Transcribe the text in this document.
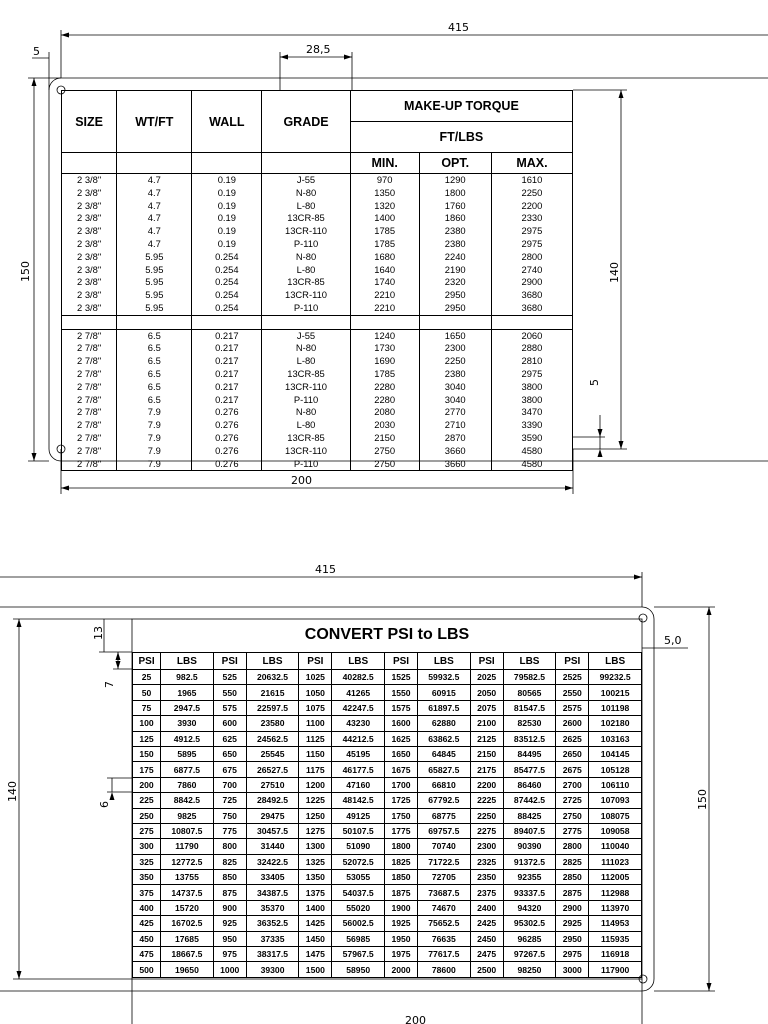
415
5	28,5
150	140
5
200
415
5,0
150
140
13
7
6
200
SIZE	WT/FT	WALL	GRADE	MAKE-UP TORQUE		
				FT/LBS		
				MIN.	OPT.	MAX.
2 3/8"	4.7	0.19	J-55	970	1290	1610
2 3/8"	4.7	0.19	N-80	1350	1800	2250
2 3/8"	4.7	0.19	L-80	1320	1760	2200
2 3/8"	4.7	0.19	13CR-85	1400	1860	2330
2 3/8"	4.7	0.19	13CR-110	1785	2380	2975
2 3/8"	4.7	0.19	P-110	1785	2380	2975
2 3/8"	5.95	0.254	N-80	1680	2240	2800
2 3/8"	5.95	0.254	L-80	1640	2190	2740
2 3/8"	5.95	0.254	13CR-85	1740	2320	2900
2 3/8"	5.95	0.254	13CR-110	2210	2950	3680
2 3/8"	5.95	0.254	P-110	2210	2950	3680

2 7/8"	6.5	0.217	J-55	1240	1650	2060
2 7/8"	6.5	0.217	N-80	1730	2300	2880
2 7/8"	6.5	0.217	L-80	1690	2250	2810
2 7/8"	6.5	0.217	13CR-85	1785	2380	2975
2 7/8"	6.5	0.217	13CR-110	2280	3040	3800
2 7/8"	6.5	0.217	P-110	2280	3040	3800
2 7/8"	7.9	0.276	N-80	2080	2770	3470
2 7/8"	7.9	0.276	L-80	2030	2710	3390
2 7/8"	7.9	0.276	13CR-85	2150	2870	3590
2 7/8"	7.9	0.276	13CR-110	2750	3660	4580
2 7/8"	7.9	0.276	P-110	2750	3660	4580
CONVERT PSI to LBS
PSI	LBS	PSI	LBS	PSI	LBS	PSI	LBS	PSI	LBS	PSI	LBS
25	982.5	525	20632.5	1025	40282.5	1525	59932.5	2025	79582.5	2525	99232.5
50	1965	550	21615	1050	41265	1550	60915	2050	80565	2550	100215
75	2947.5	575	22597.5	1075	42247.5	1575	61897.5	2075	81547.5	2575	101198
100	3930	600	23580	1100	43230	1600	62880	2100	82530	2600	102180
125	4912.5	625	24562.5	1125	44212.5	1625	63862.5	2125	83512.5	2625	103163
150	5895	650	25545	1150	45195	1650	64845	2150	84495	2650	104145
175	6877.5	675	26527.5	1175	46177.5	1675	65827.5	2175	85477.5	2675	105128
200	7860	700	27510	1200	47160	1700	66810	2200	86460	2700	106110
225	8842.5	725	28492.5	1225	48142.5	1725	67792.5	2225	87442.5	2725	107093
250	9825	750	29475	1250	49125	1750	68775	2250	88425	2750	108075
275	10807.5	775	30457.5	1275	50107.5	1775	69757.5	2275	89407.5	2775	109058
300	11790	800	31440	1300	51090	1800	70740	2300	90390	2800	110040
325	12772.5	825	32422.5	1325	52072.5	1825	71722.5	2325	91372.5	2825	111023
350	13755	850	33405	1350	53055	1850	72705	2350	92355	2850	112005
375	14737.5	875	34387.5	1375	54037.5	1875	73687.5	2375	93337.5	2875	112988
400	15720	900	35370	1400	55020	1900	74670	2400	94320	2900	113970
425	16702.5	925	36352.5	1425	56002.5	1925	75652.5	2425	95302.5	2925	114953
450	17685	950	37335	1450	56985	1950	76635	2450	96285	2950	115935
475	18667.5	975	38317.5	1475	57967.5	1975	77617.5	2475	97267.5	2975	116918
500	19650	1000	39300	1500	58950	2000	78600	2500	98250	3000	117900
